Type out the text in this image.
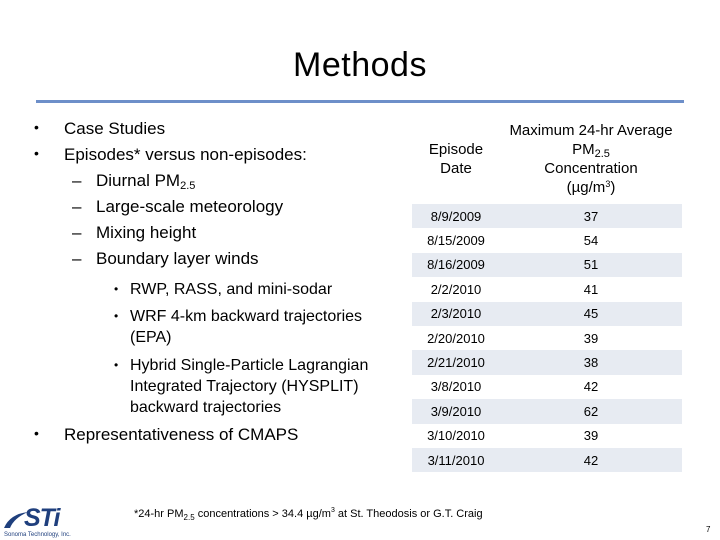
Methods
• Case Studies
• Episodes* versus non-episodes:
– Diurnal $PM_{2.5}$
– Large-scale meteorology
– Mixing height
– Boundary layer winds
• RWP, RASS, and mini-sodar
• WRF 4-km backward trajectories (EPA)
• Hybrid Single-Particle Lagrangian Integrated Trajectory (HYSPLIT) backward trajectories
• Representativeness of CMAPS
Episode Date	Maximum 24-hr Average $PM_{2.5}$
Concentration
$(\mu g/m^3)$
8/9/2009	37
8/15/2009	54
8/16/2009	51
2/2/2010	41
2/3/2010	45
2/20/2010	39
2/21/2010	38
3/8/2010	42
3/9/2010	62
3/10/2010	39
3/11/2010	42
*24-hr $PM_{2.5}$ concentrations > 34.4 $\mu g/m^3$ at St. Theodosis or G.T. Craig
STi
Sonoma Technology, Inc.
7
